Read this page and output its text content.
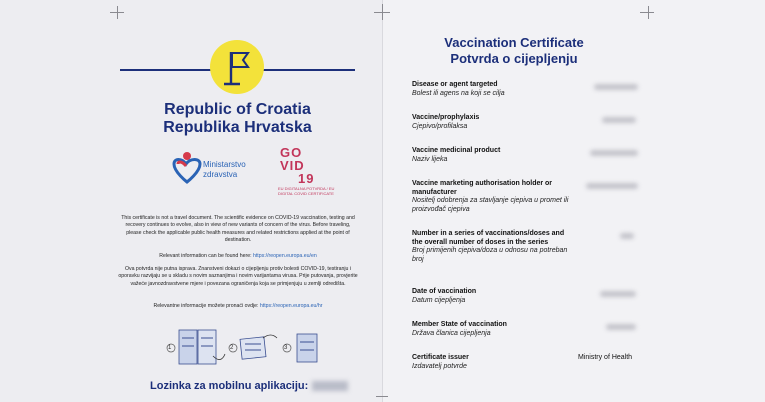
Republic of Croatia
Republika Hrvatska
Ministarstvo
zdravstva
GO
VID
19
EU DIGITALNA POTVRDA / EU DIGITAL COVID CERTIFICATE
This certificate is not a travel document. The scientific evidence on COVID-19 vaccination, testing and recovery continues to evolve, also in view of new variants of concern of the virus. Before traveling, please check the applicable public health measures and related restrictions applied at the point of destination.
Relevant information can be found here: https://reopen.europa.eu/en
Ova potvrda nije putna isprava. Znanstveni dokazi o cijepljenju protiv bolesti COVID-19, testiranju i oporavku razvijaju se u skladu s novim saznanjima i novim varijantama virusa. Prije putovanja, provjerite važeće javnozdravstvene mjere i povezana ograničenja koja se primjenjuju u zemlji odredišta.
Relevantne informacije možete pronaći ovdje: https://reopen.europa.eu/hr
1	2	3
Lozinka za mobilnu aplikaciju:
Vaccination Certificate
Potvrda o cijepljenju
Disease or agent targeted
Bolest ili agens na koji se cilja
Vaccine/prophylaxis
Cjepivo/profilaksa
Vaccine medicinal product
Naziv lijeka
Vaccine marketing authorisation holder or manufacturer
Nositelj odobrenja za stavljanje cjepiva u promet ili proizvođač cjepiva
Number in a series of vaccinations/doses and the overall number of doses in the series
Broj primijenih cjepiva/doza u odnosu na potreban broj
Date of vaccination
Datum cijepljenja
Member State of vaccination
Država članica cijepljenja
Certificate issuer
Izdavatelj potvrde
Ministry of Health
